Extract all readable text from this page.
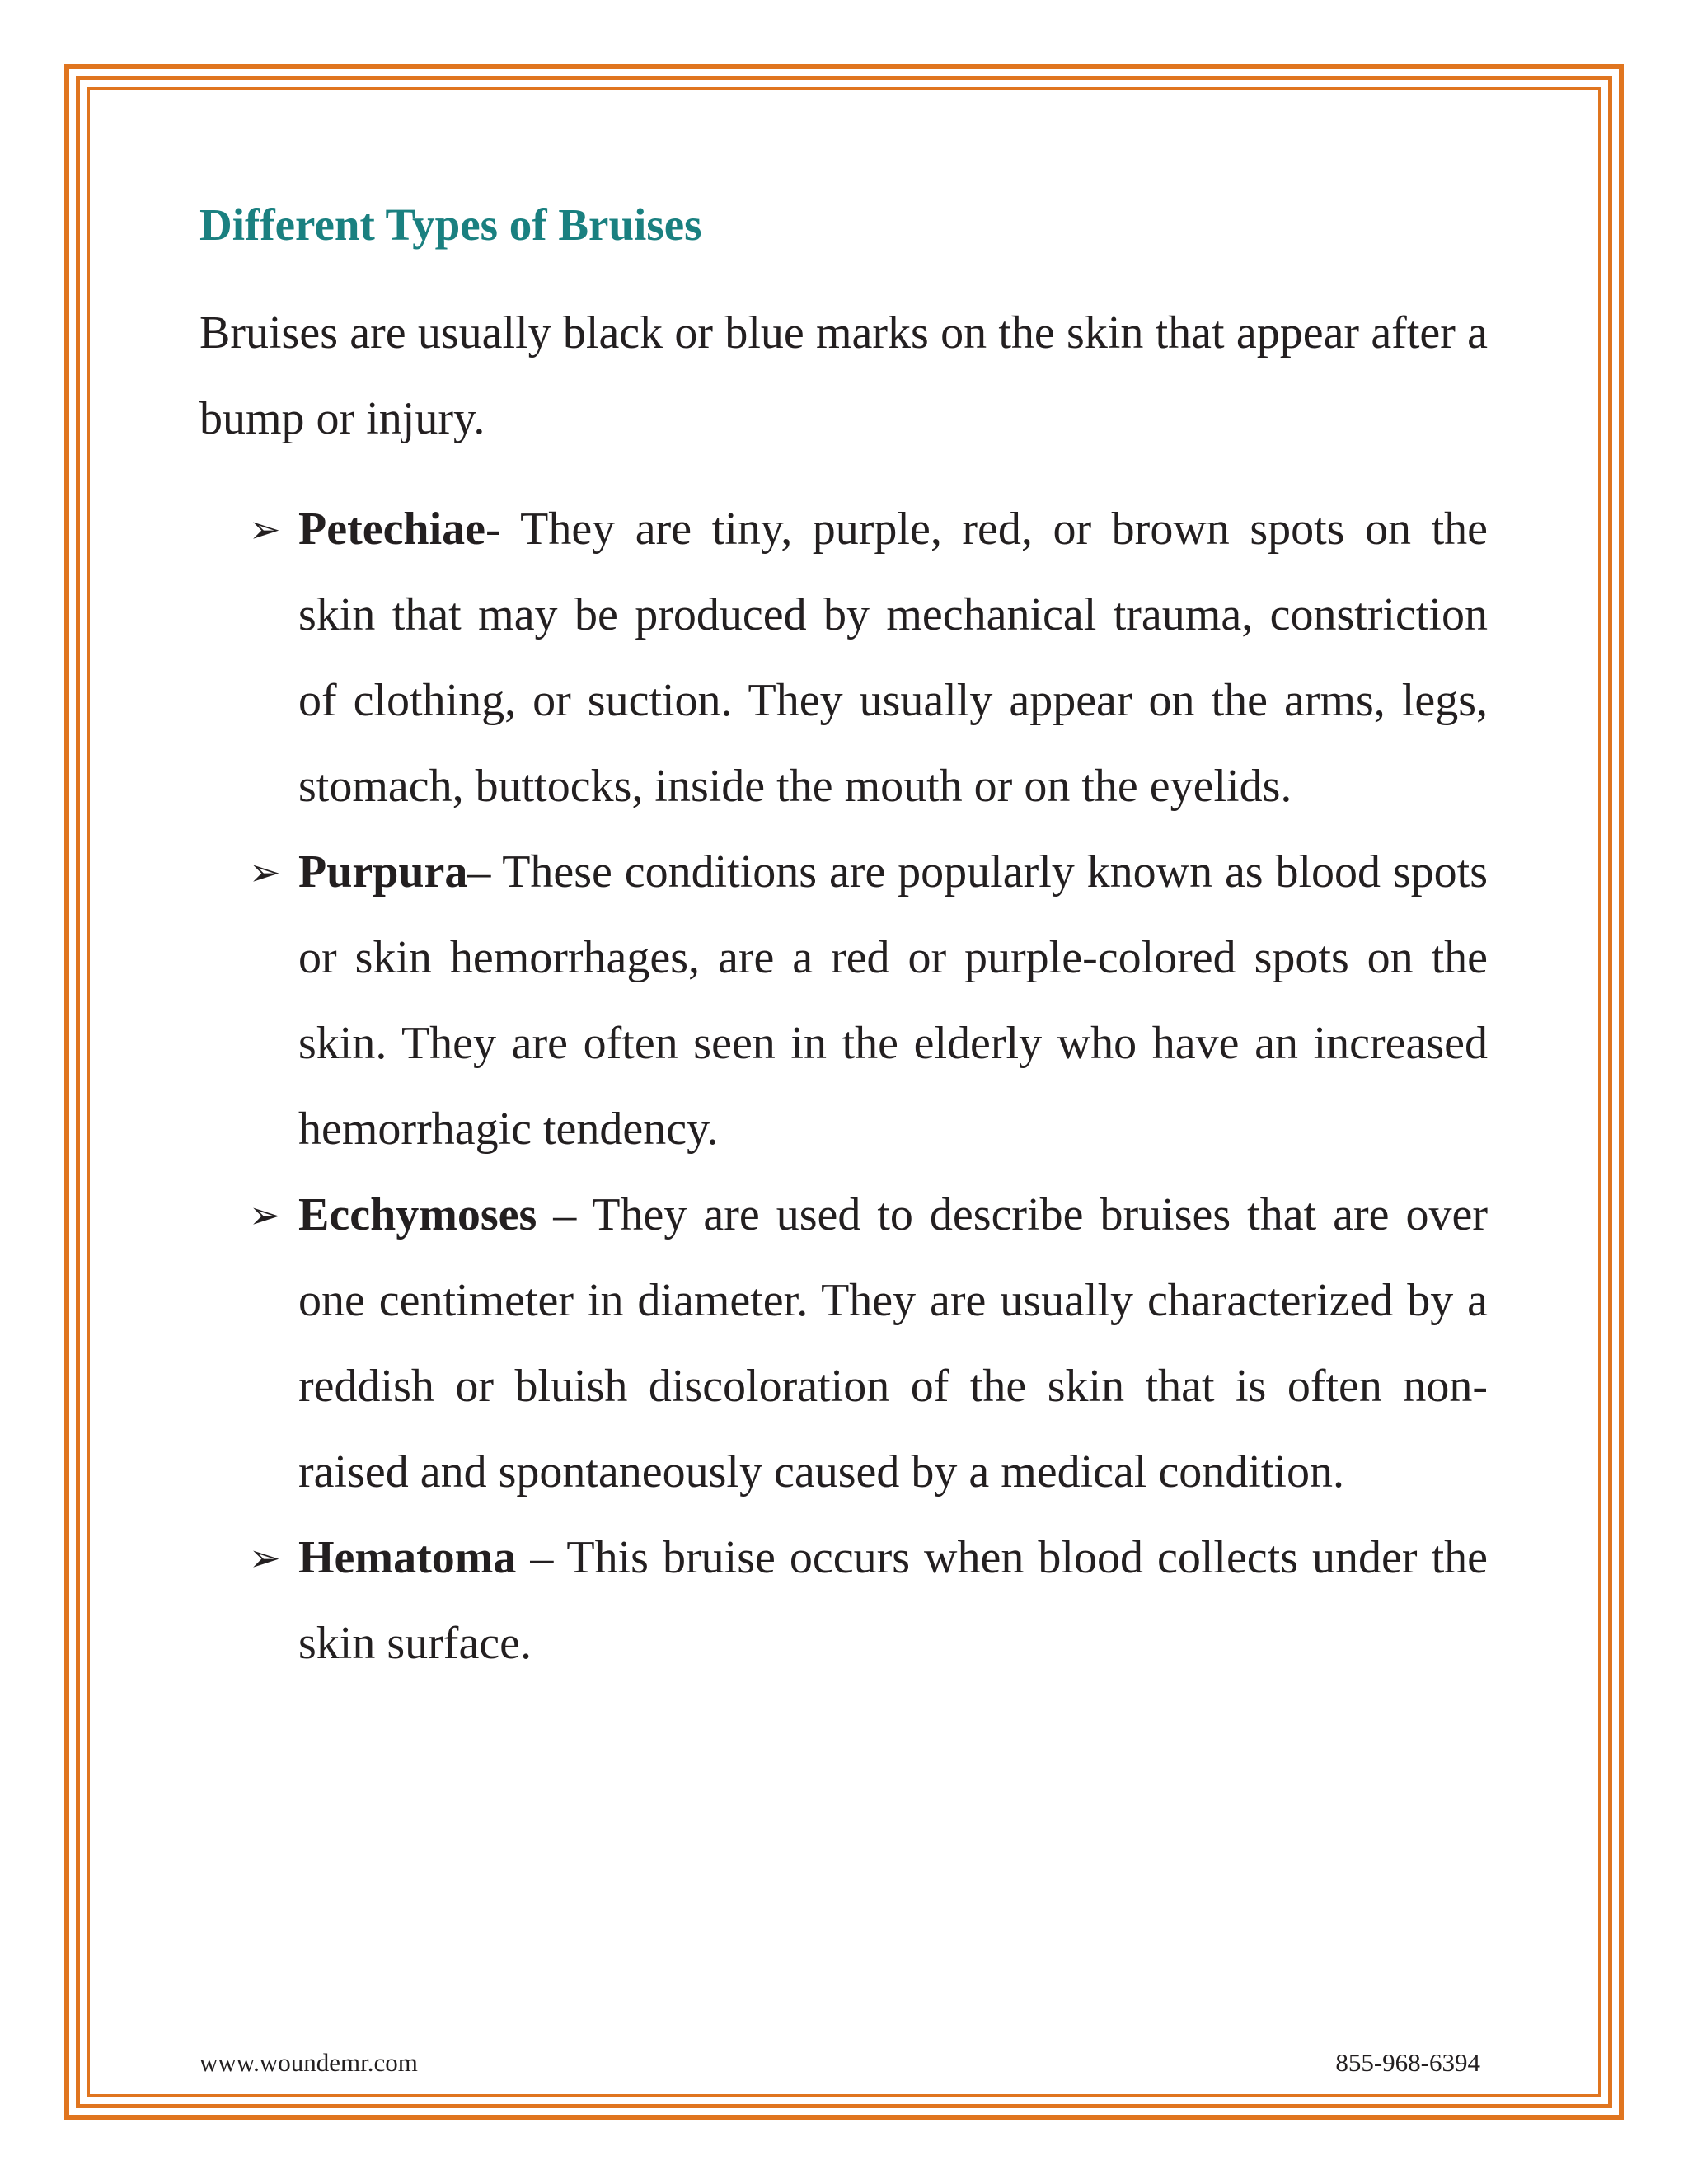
Different Types of Bruises

Bruises are usually black or blue marks on the skin that appear after a bump or injury.

➢ Petechiae- They are tiny, purple, red, or brown spots on the skin that may be produced by mechanical trauma, constriction of clothing, or suction. They usually appear on the arms, legs, stomach, buttocks, inside the mouth or on the eyelids.
➢ Purpura– These conditions are popularly known as blood spots or skin hemorrhages, are a red or purple-colored spots on the skin. They are often seen in the elderly who have an increased hemorrhagic tendency.
➢ Ecchymoses – They are used to describe bruises that are over one centimeter in diameter. They are usually characterized by a reddish or bluish discoloration of the skin that is often non-raised and spontaneously caused by a medical condition.
➢ Hematoma – This bruise occurs when blood collects under the skin surface.
www.woundemr.com	855-968-6394
